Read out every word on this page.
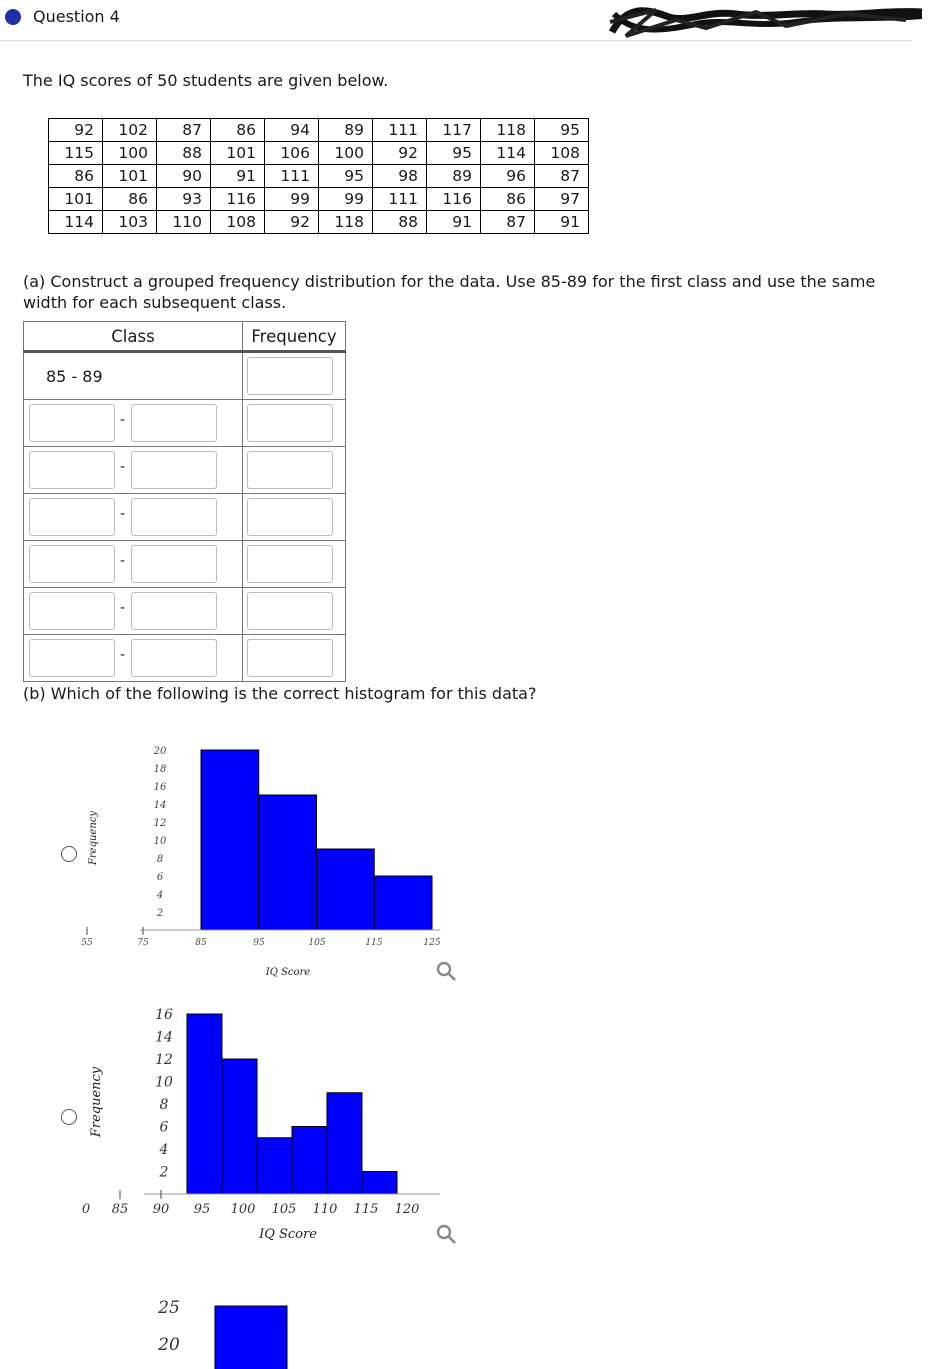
Question 4
The IQ scores of 50 students are given below.
92	102	87	86	94	89	111	117	118	95
115	100	88	101	106	100	92	95	114	108
86	101	90	91	111	95	98	89	96	87
101	86	93	116	99	99	111	116	86	97
114	103	110	108	92	118	88	91	87	91
(a) Construct a grouped frequency distribution for the data. Use 85-89 for the first class and use the same width for each subsequent class.
Class	Frequency
85 - 89	

-	

-	

-	

-	

-	

-	

(b) Which of the following is the correct histogram for this data?
2
4
6
8
10
12
14
16
18
20
55	75	85	95	105	115	125
IQ Score
Frequency
2
4
6
8
10
12
14
16
0 85 90 95 100 105 110 115 120
IQ Score
Frequency
25
20
